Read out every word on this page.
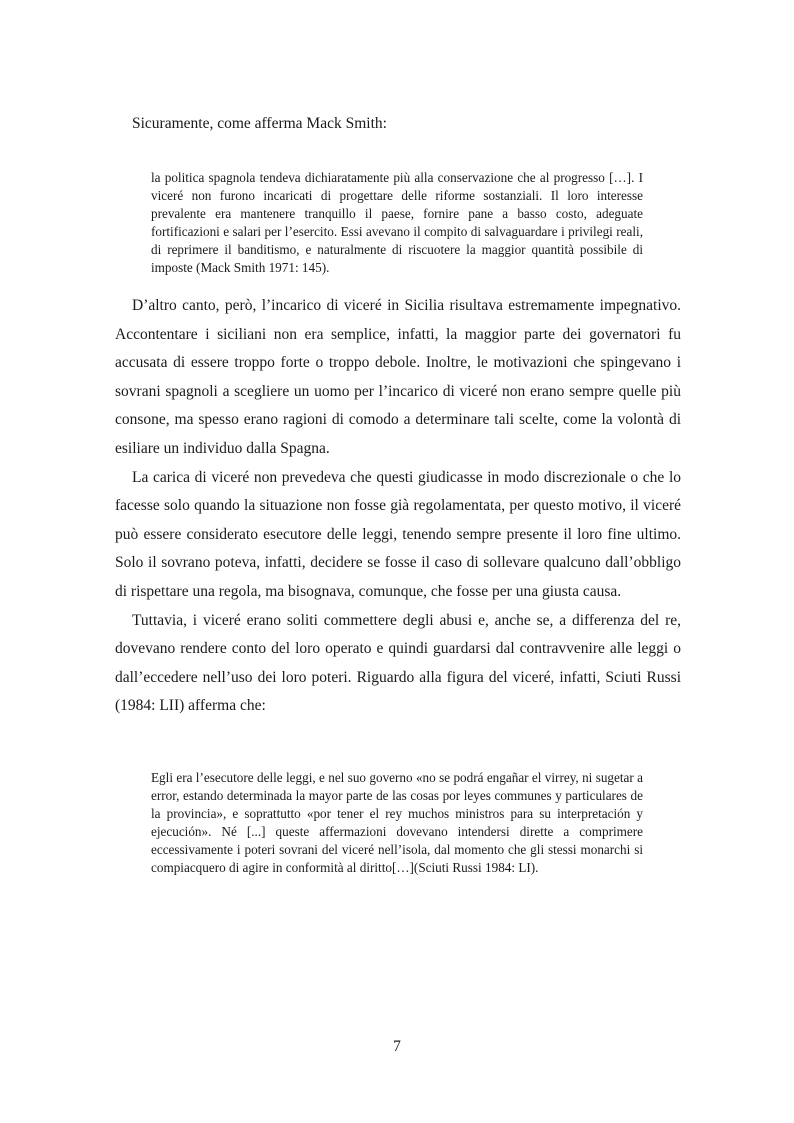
Sicuramente, come afferma Mack Smith:

la politica spagnola tendeva dichiaratamente più alla conservazione che al progresso […]. I viceré non furono incaricati di progettare delle riforme sostanziali. Il loro interesse prevalente era mantenere tranquillo il paese, fornire pane a basso costo, adeguate fortificazioni e salari per l’esercito. Essi avevano il compito di salvaguardare i privilegi reali, di reprimere il banditismo, e naturalmente di riscuotere la maggior quantità possibile di imposte (Mack Smith 1971: 145).

D’altro canto, però, l’incarico di viceré in Sicilia risultava estremamente impegnativo. Accontentare i siciliani non era semplice, infatti, la maggior parte dei governatori fu accusata di essere troppo forte o troppo debole. Inoltre, le motivazioni che spingevano i sovrani spagnoli a scegliere un uomo per l’incarico di viceré non erano sempre quelle più consone, ma spesso erano ragioni di comodo a determinare tali scelte, come la volontà di esiliare un individuo dalla Spagna.

La carica di viceré non prevedeva che questi giudicasse in modo discrezionale o che lo facesse solo quando la situazione non fosse già regolamentata, per questo motivo, il viceré può essere considerato esecutore delle leggi, tenendo sempre presente il loro fine ultimo. Solo il sovrano poteva, infatti, decidere se fosse il caso di sollevare qualcuno dall’obbligo di rispettare una regola, ma bisognava, comunque, che fosse per una giusta causa.

Tuttavia, i viceré erano soliti commettere degli abusi e, anche se, a differenza del re, dovevano rendere conto del loro operato e quindi guardarsi dal contravvenire alle leggi o dall’eccedere nell’uso dei loro poteri. Riguardo alla figura del viceré, infatti, Sciuti Russi (1984: LII) afferma che:

Egli era l’esecutore delle leggi, e nel suo governo «no se podrá engañar el virrey, ni sugetar a error, estando determinada la mayor parte de las cosas por leyes communes y particulares de la provincia», e soprattutto «por tener el rey muchos ministros para su interpretación y ejecución». Né [...] queste affermazioni dovevano intendersi dirette a comprimere eccessivamente i poteri sovrani del viceré nell’isola, dal momento che gli stessi monarchi si compiacquero di agire in conformità al diritto[…](Sciuti Russi 1984: LI).

7
